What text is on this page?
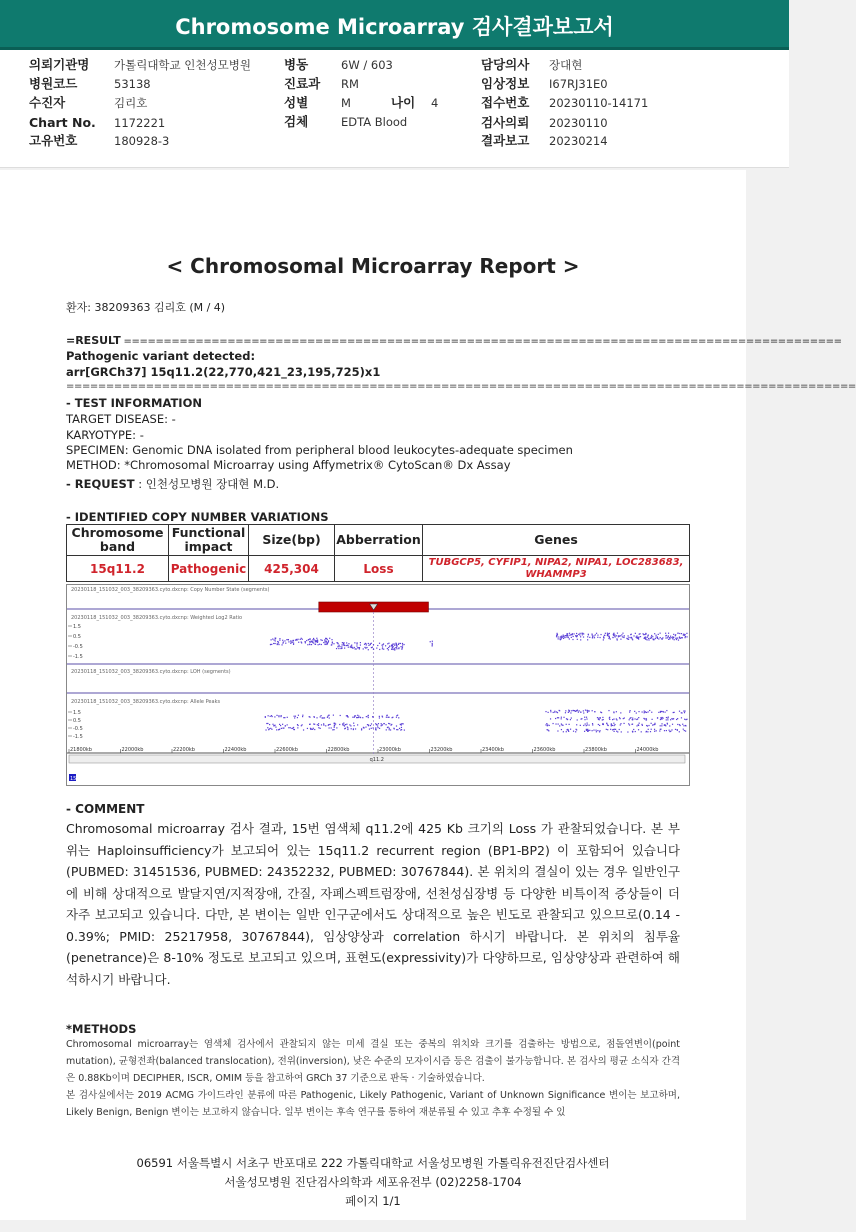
Chromosome Microarray 검사결과보고서
의뢰기관명 가톨릭대학교 인천성모병원	병동	6W / 603	담당의사 장대현
병원코드	53138	진료과 RM	임상정보 I67RJ31E0
수진자	김리호	성별	M	나이 4	접수번호 20230110-14171
Chart No. 1172221	검체	EDTA Blood	검사의뢰 20230110
고유번호	180928-3	결과보고 20230214
< Chromosomal Microarray Report >
환자: 38209363 김리호 (M / 4)
=RESULT ==========================================================================================
Pathogenic variant detected:
arr[GRCh37] 15q11.2(22,770,421_23,195,725)x1
===================================================================================================
- TEST INFORMATION
TARGET DISEASE: -
KARYOTYPE: -
SPECIMEN: Genomic DNA isolated from peripheral blood leukocytes-adequate specimen
METHOD: *Chromosomal Microarray using Affymetrix® CytoScan® Dx Assay
- REQUEST : 인천성모병원 장대현 M.D.
- IDENTIFIED COPY NUMBER VARIATIONS
Chromosome band	Functional impact	Size(bp)	Abberration	Genes
15q11.2	Pathogenic	425,304	Loss	TUBGCP5, CYFIP1, NIPA2, NIPA1, LOC283683, WHAMMP3
20230118_151032_003_38209363.cyto.dxcnp: Copy Number State (segments)
20230118_151032_003_38209363.cyto.dxcnp: Weighted Log2 Ratio
20230118_151032_003_38209363.cyto.dxcnp: LOH (segments)
20230118_151032_003_38209363.cyto.dxcnp: Allele Peaks
1.5
0.5
-0.5
-1.5
1.5
0.5
-0.5
-1.5
21800kb	22000kb	22200kb	22400kb	22600kb	22800kb	23000kb	23200kb	23400kb	23600kb	23800kb	24000kb
q11.2
15
- COMMENT
Chromosomal microarray 검사 결과, 15번 염색체 q11.2에 425 Kb 크기의 Loss 가 관찰되었습니다. 본 부위는 Haploinsufficiency가 보고되어 있는 15q11.2 recurrent region (BP1-BP2) 이 포함되어 있습니다 (PUBMED: 31451536, PUBMED: 24352232, PUBMED: 30767844). 본 위치의 결실이 있는 경우 일반인구에 비해 상대적으로 발달지연/지적장애, 간질, 자폐스펙트럼장애, 선천성심장병 등 다양한 비특이적 증상들이 더 자주 보고되고 있습니다. 다만, 본 변이는 일반 인구군에서도 상대적으로 높은 빈도로 관찰되고 있으므로(0.14 - 0.39%; PMID: 25217958, 30767844), 임상양상과 correlation 하시기 바랍니다. 본 위치의 침투율(penetrance)은 8-10% 정도로 보고되고 있으며, 표현도(expressivity)가 다양하므로, 임상양상과 관련하여 해석하시기 바랍니다.
*METHODS
Chromosomal microarray는 염색체 검사에서 관찰되지 않는 미세 결실 또는 중복의 위치와 크기를 검출하는 방법으로, 점돌연변이(point mutation), 균형전좌(balanced translocation), 전위(inversion), 낮은 수준의 모자이시즘 등은 검출이 불가능합니다. 본 검사의 평균 소식자 간격은 0.88Kb이며 DECIPHER, ISCR, OMIM 등을 참고하여 GRCh 37 기준으로 판독 · 기술하였습니다.
본 검사실에서는 2019 ACMG 가이드라인 분류에 따른 Pathogenic, Likely Pathogenic, Variant of Unknown Significance 변이는 보고하며, Likely Benign, Benign 변이는 보고하지 않습니다. 일부 변이는 후속 연구를 통하여 재분류될 수 있고 추후 수정될 수 있
06591 서울특별시 서초구 반포대로 222 가톨릭대학교 서울성모병원 가톨릭유전진단검사센터
서울성모병원 진단검사의학과 세포유전부 (02)2258-1704
페이지 1/1
